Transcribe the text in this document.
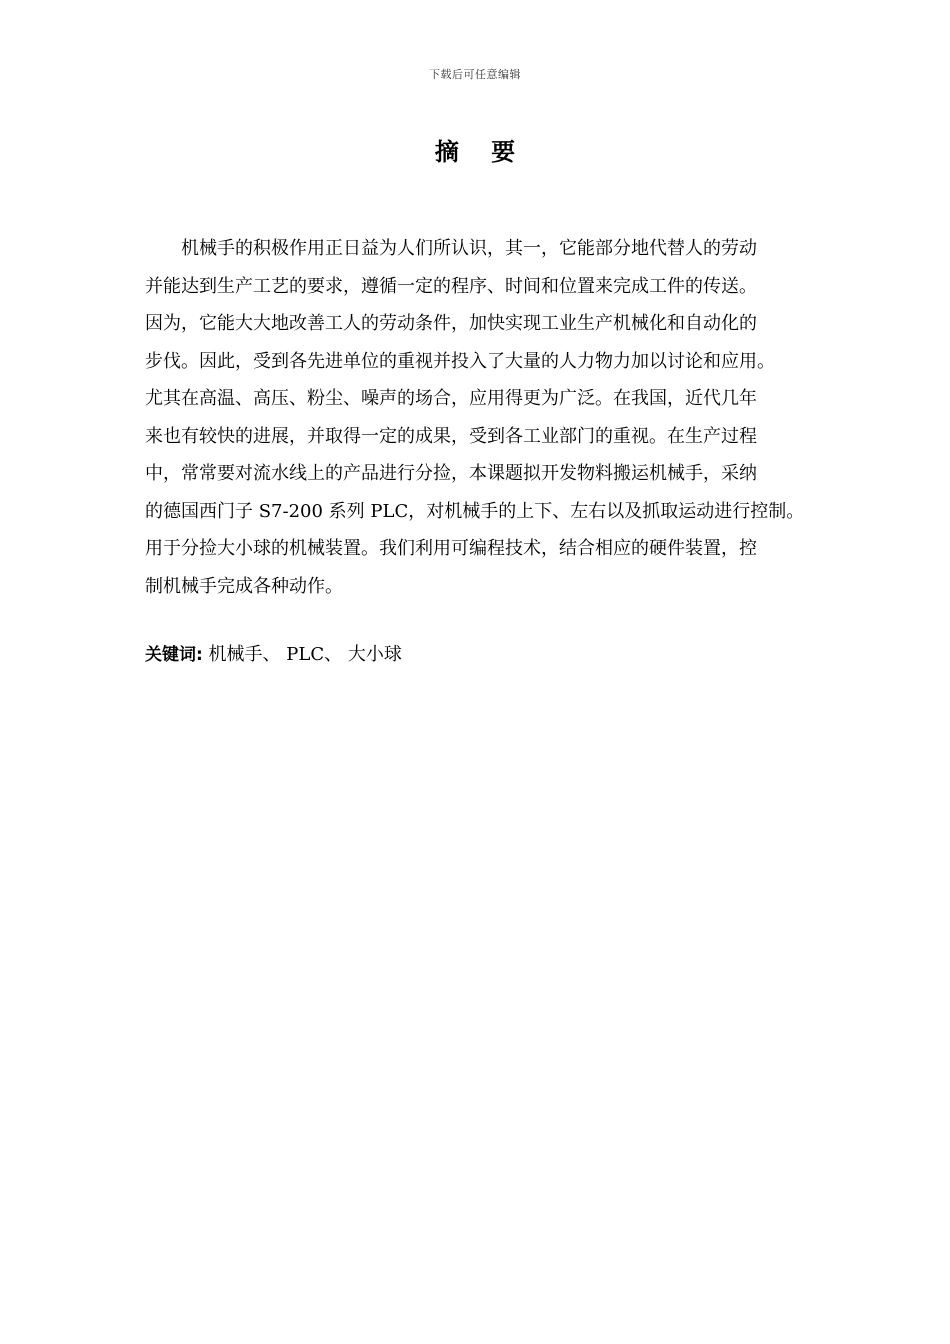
下载后可任意编辑
摘 要
机械手的积极作用正日益为人们所认识，其一，它能部分地代替人的劳动
并能达到生产工艺的要求，遵循一定的程序、时间和位置来完成工件的传送。
因为，它能大大地改善工人的劳动条件，加快实现工业生产机械化和自动化的
步伐。因此，受到各先进单位的重视并投入了大量的人力物力加以讨论和应用。
尤其在高温、高压、粉尘、噪声的场合，应用得更为广泛。在我国，近代几年
来也有较快的进展，并取得一定的成果，受到各工业部门的重视。在生产过程
中，常常要对流水线上的产品进行分捡，本课题拟开发物料搬运机械手，采纳
的德国西门子 S7-200 系列 PLC，对机械手的上下、左右以及抓取运动进行控制。
用于分捡大小球的机械装置。我们利用可编程技术，结合相应的硬件装置，控
制机械手完成各种动作。
关键词: 机械手、 PLC、 大小球
